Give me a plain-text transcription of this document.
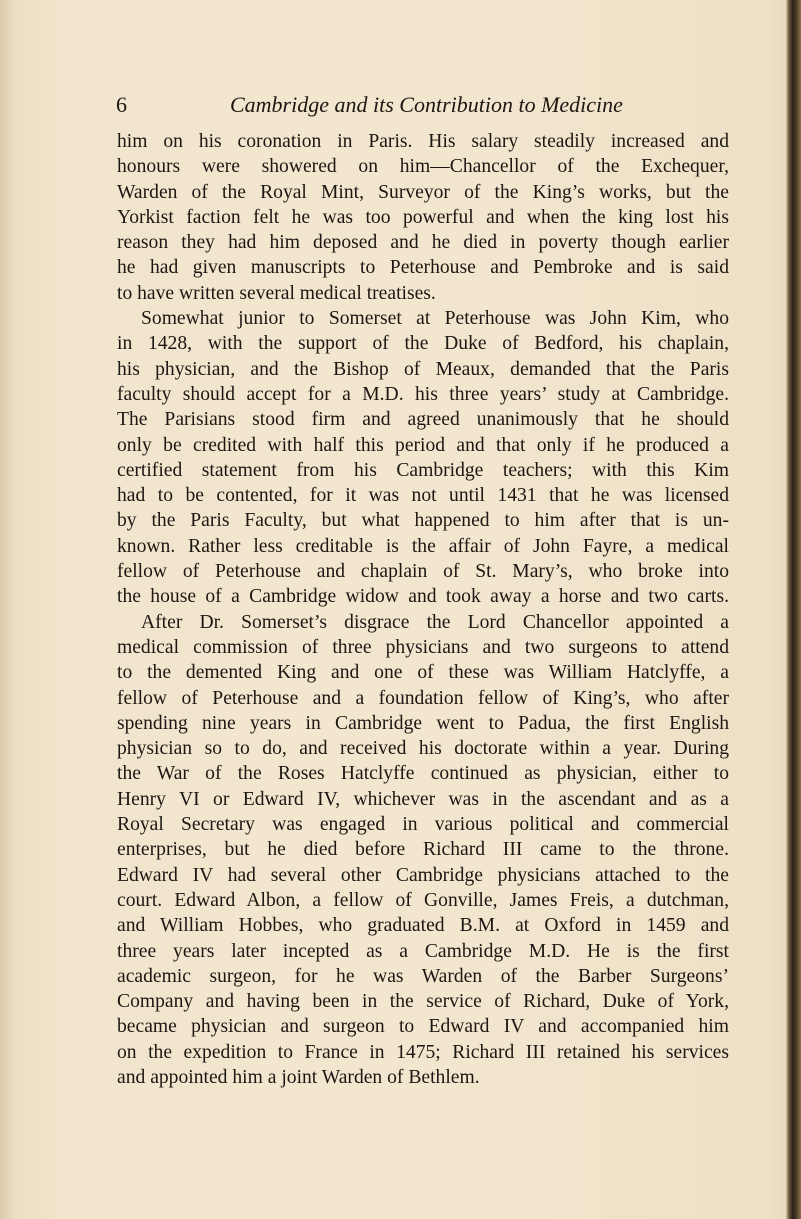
6	Cambridge and its Contribution to Medicine
him on his coronation in Paris. His salary steadily increased and
honours were showered on him—Chancellor of the Exchequer,
Warden of the Royal Mint, Surveyor of the King’s works, but the
Yorkist faction felt he was too powerful and when the king lost his
reason they had him deposed and he died in poverty though earlier
he had given manuscripts to Peterhouse and Pembroke and is said
to have written several medical treatises.
Somewhat junior to Somerset at Peterhouse was John Kim, who
in 1428, with the support of the Duke of Bedford, his chaplain,
his physician, and the Bishop of Meaux, demanded that the Paris
faculty should accept for a M.D. his three years’ study at Cambridge.
The Parisians stood firm and agreed unanimously that he should
only be credited with half this period and that only if he produced a
certified statement from his Cambridge teachers; with this Kim
had to be contented, for it was not until 1431 that he was licensed
by the Paris Faculty, but what happened to him after that is un-
known. Rather less creditable is the affair of John Fayre, a medical
fellow of Peterhouse and chaplain of St. Mary’s, who broke into
the house of a Cambridge widow and took away a horse and two carts.
After Dr. Somerset’s disgrace the Lord Chancellor appointed a
medical commission of three physicians and two surgeons to attend
to the demented King and one of these was William Hatclyffe, a
fellow of Peterhouse and a foundation fellow of King’s, who after
spending nine years in Cambridge went to Padua, the first English
physician so to do, and received his doctorate within a year. During
the War of the Roses Hatclyffe continued as physician, either to
Henry VI or Edward IV, whichever was in the ascendant and as a
Royal Secretary was engaged in various political and commercial
enterprises, but he died before Richard III came to the throne.
Edward IV had several other Cambridge physicians attached to the
court. Edward Albon, a fellow of Gonville, James Freis, a dutchman,
and William Hobbes, who graduated B.M. at Oxford in 1459 and
three years later incepted as a Cambridge M.D. He is the first
academic surgeon, for he was Warden of the Barber Surgeons’
Company and having been in the service of Richard, Duke of York,
became physician and surgeon to Edward IV and accompanied him
on the expedition to France in 1475; Richard III retained his services
and appointed him a joint Warden of Bethlem.
